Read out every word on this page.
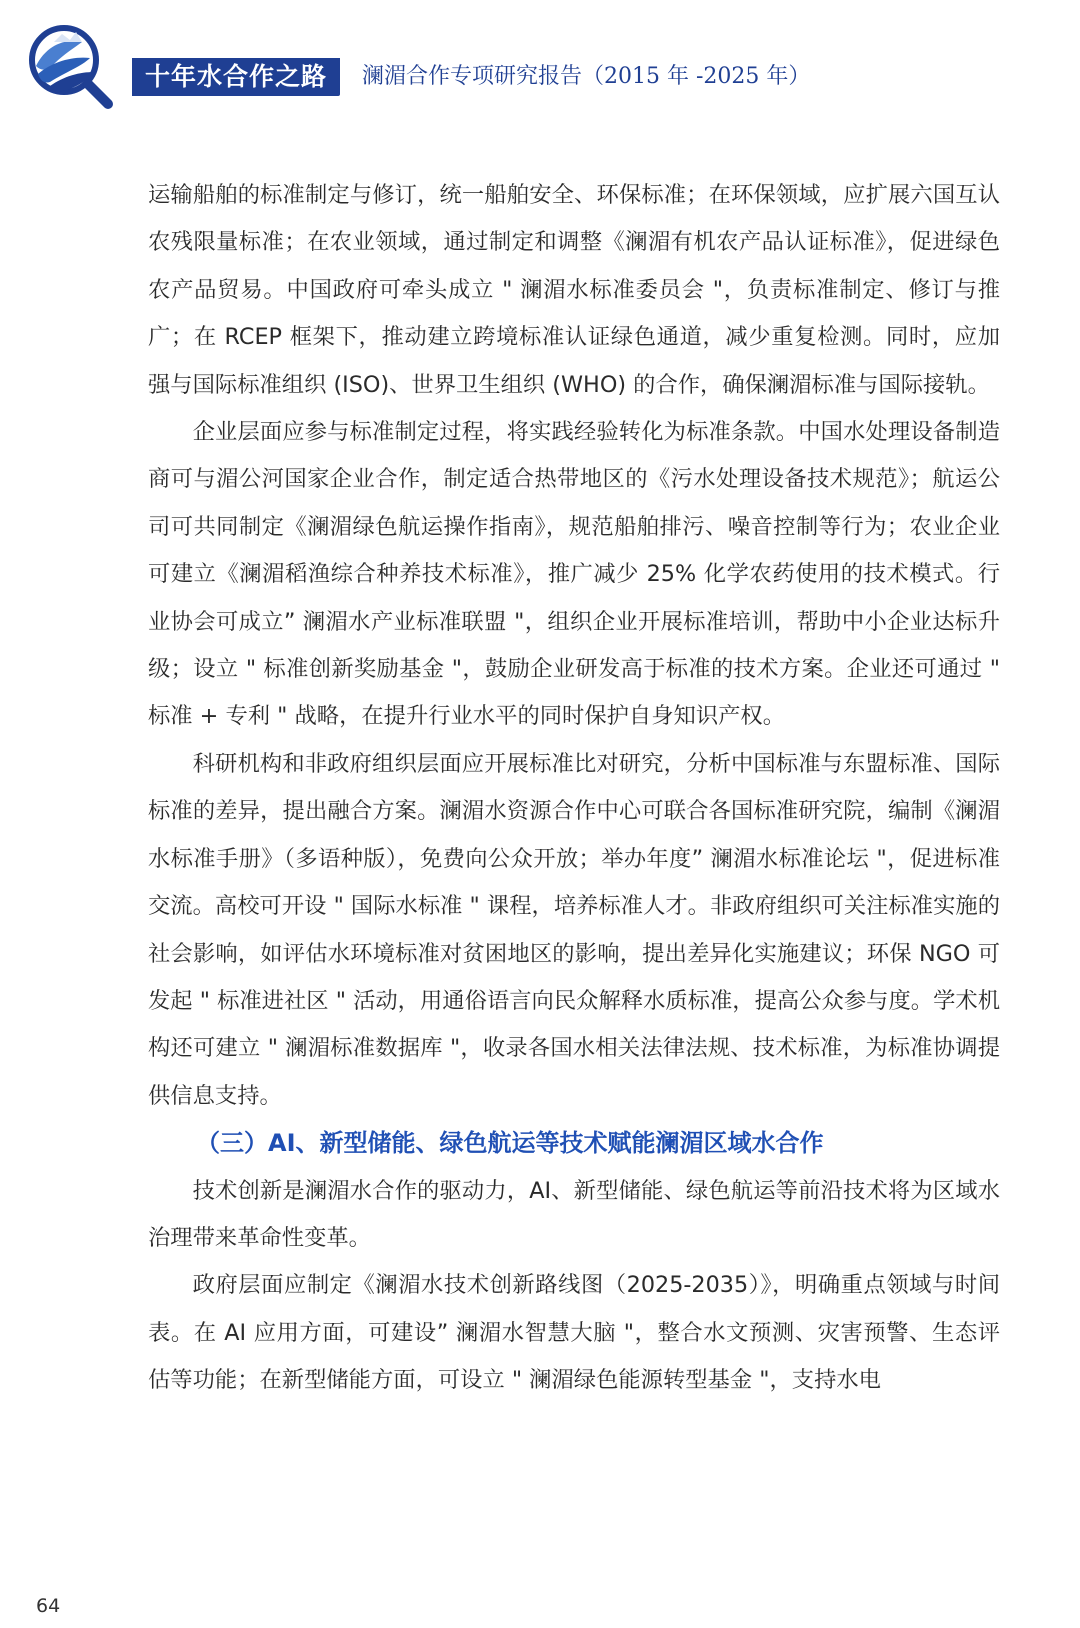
十年水合作之路	澜湄合作专项研究报告（2015 年 -2025 年）

运输船舶的标准制定与修订，统一船舶安全、环保标准；在环保领域，应扩展六国互认农残限量标准；在农业领域，通过制定和调整《澜湄有机农产品认证标准》，促进绿色农产品贸易。中国政府可牵头成立 " 澜湄水标准委员会 "，负责标准制定、修订与推广；在 RCEP 框架下，推动建立跨境标准认证绿色通道，减少重复检测。同时，应加强与国际标准组织 (ISO)、世界卫生组织 (WHO) 的合作，确保澜湄标准与国际接轨。

企业层面应参与标准制定过程，将实践经验转化为标准条款。中国水处理设备制造商可与湄公河国家企业合作，制定适合热带地区的《污水处理设备技术规范》；航运公司可共同制定《澜湄绿色航运操作指南》，规范船舶排污、噪音控制等行为；农业企业可建立《澜湄稻渔综合种养技术标准》，推广减少 25% 化学农药使用的技术模式。行业协会可成立” 澜湄水产业标准联盟 "，组织企业开展标准培训，帮助中小企业达标升级；设立 " 标准创新奖励基金 "，鼓励企业研发高于标准的技术方案。企业还可通过 " 标准 + 专利 " 战略，在提升行业水平的同时保护自身知识产权。

科研机构和非政府组织层面应开展标准比对研究，分析中国标准与东盟标准、国际标准的差异，提出融合方案。澜湄水资源合作中心可联合各国标准研究院，编制《澜湄水标准手册》（多语种版），免费向公众开放；举办年度” 澜湄水标准论坛 "，促进标准交流。高校可开设 " 国际水标准 " 课程，培养标准人才。非政府组织可关注标准实施的社会影响，如评估水环境标准对贫困地区的影响，提出差异化实施建议；环保 NGO 可发起 " 标准进社区 " 活动，用通俗语言向民众解释水质标准，提高公众参与度。学术机构还可建立 " 澜湄标准数据库 "，收录各国水相关法律法规、技术标准，为标准协调提供信息支持。

（三）AI、新型储能、绿色航运等技术赋能澜湄区域水合作

技术创新是澜湄水合作的驱动力，AI、新型储能、绿色航运等前沿技术将为区域水治理带来革命性变革。

政府层面应制定《澜湄水技术创新路线图（2025-2035）》，明确重点领域与时间表。在 AI 应用方面，可建设” 澜湄水智慧大脑 "，整合水文预测、灾害预警、生态评估等功能；在新型储能方面，可设立 " 澜湄绿色能源转型基金 "，支持水电

64
